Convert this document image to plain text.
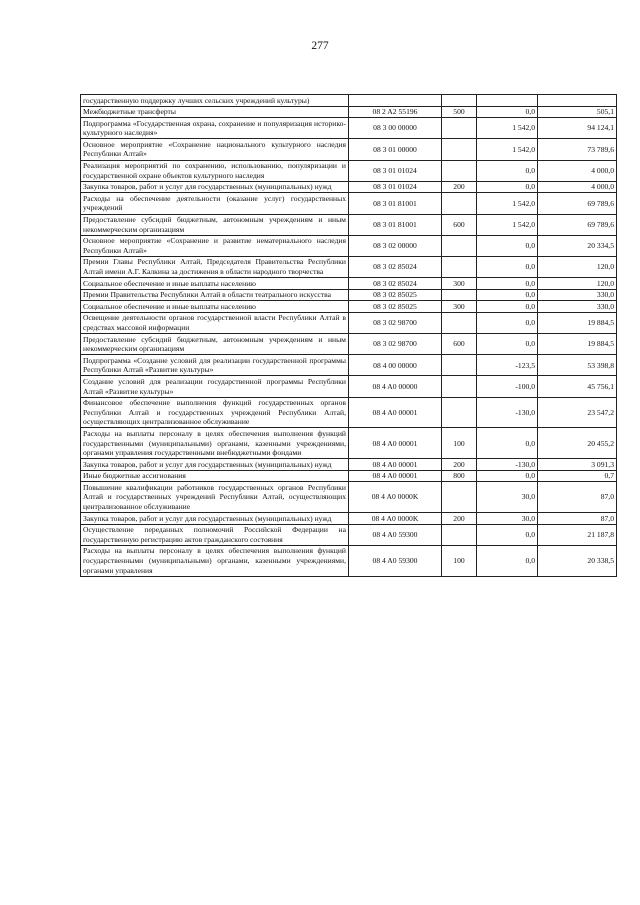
277
государственную поддержку лучших сельских учреждений культуры)				
Межбюджетные трансферты	08 2 A2 55196	500	0,0	505,1
Подпрограмма «Государственная охрана, сохранение и популяризация историко-культурного наследия»	08 3 00 00000		1 542,0	94 124,1
Основное мероприятие «Сохранение национального культурного наследия Республики Алтай»	08 3 01 00000		1 542,0	73 789,6
Реализация мероприятий по сохранению, использованию, популяризации и государственной охране объектов культурного наследия	08 3 01 01024		0,0	4 000,0
Закупка товаров, работ и услуг для государственных (муниципальных) нужд	08 3 01 01024	200	0,0	4 000,0
Расходы на обеспечение деятельности (оказание услуг) государственных учреждений	08 3 01 81001		1 542,0	69 789,6
Предоставление субсидий бюджетным, автономным учреждениям и иным некоммерческим организациям	08 3 01 81001	600	1 542,0	69 789,6
Основное мероприятие «Сохранение и развитие нематериального наследия Республики Алтай»	08 3 02 00000		0,0	20 334,5
Премии Главы Республики Алтай, Председателя Правительства Республики Алтай имени А.Г. Калкина за достижения в области народного творчества	08 3 02 85024		0,0	120,0
Социальное обеспечение и иные выплаты населению	08 3 02 85024	300	0,0	120,0
Премии Правительства Республики Алтай в области театрального искусства	08 3 02 85025		0,0	330,0
Социальное обеспечение и иные выплаты населению	08 3 02 85025	300	0,0	330,0
Освещение деятельности органов государственной власти Республики Алтай в средствах массовой информации	08 3 02 98700		0,0	19 884,5
Предоставление субсидий бюджетным, автономным учреждениям и иным некоммерческим организациям	08 3 02 98700	600	0,0	19 884,5
Подпрограмма «Создание условий для реализации государственной программы Республики Алтай «Развитие культуры»	08 4 00 00000		-123,5	53 398,8
Создание условий для реализации государственной программы Республики Алтай «Развитие культуры»	08 4 A0 00000		-100,0	45 756,1
Финансовое обеспечение выполнения функций государственных органов Республики Алтай и государственных учреждений Республики Алтай, осуществляющих централизованное обслуживание	08 4 A0 00001		-130,0	23 547,2
Расходы на выплаты персоналу в целях обеспечения выполнения функций государственными (муниципальными) органами, казенными учреждениями, органами управления государственными внебюджетными фондами	08 4 A0 00001	100	0,0	20 455,2
Закупка товаров, работ и услуг для государственных (муниципальных) нужд	08 4 A0 00001	200	-130,0	3 091,3
Иные бюджетные ассигнования	08 4 A0 00001	800	0,0	0,7
Повышение квалификации работников государственных органов Республики Алтай и государственных учреждений Республики Алтай, осуществляющих централизованное обслуживание	08 4 A0 0000K		30,0	87,0
Закупка товаров, работ и услуг для государственных (муниципальных) нужд	08 4 A0 0000K	200	30,0	87,0
Осуществление переданных полномочий Российской Федерации на государственную регистрацию актов гражданского состояния	08 4 A0 59300		0,0	21 187,8
Расходы на выплаты персоналу в целях обеспечения выполнения функций государственными (муниципальными) органами, казенными учреждениями, органами управления	08 4 A0 59300	100	0,0	20 338,5
